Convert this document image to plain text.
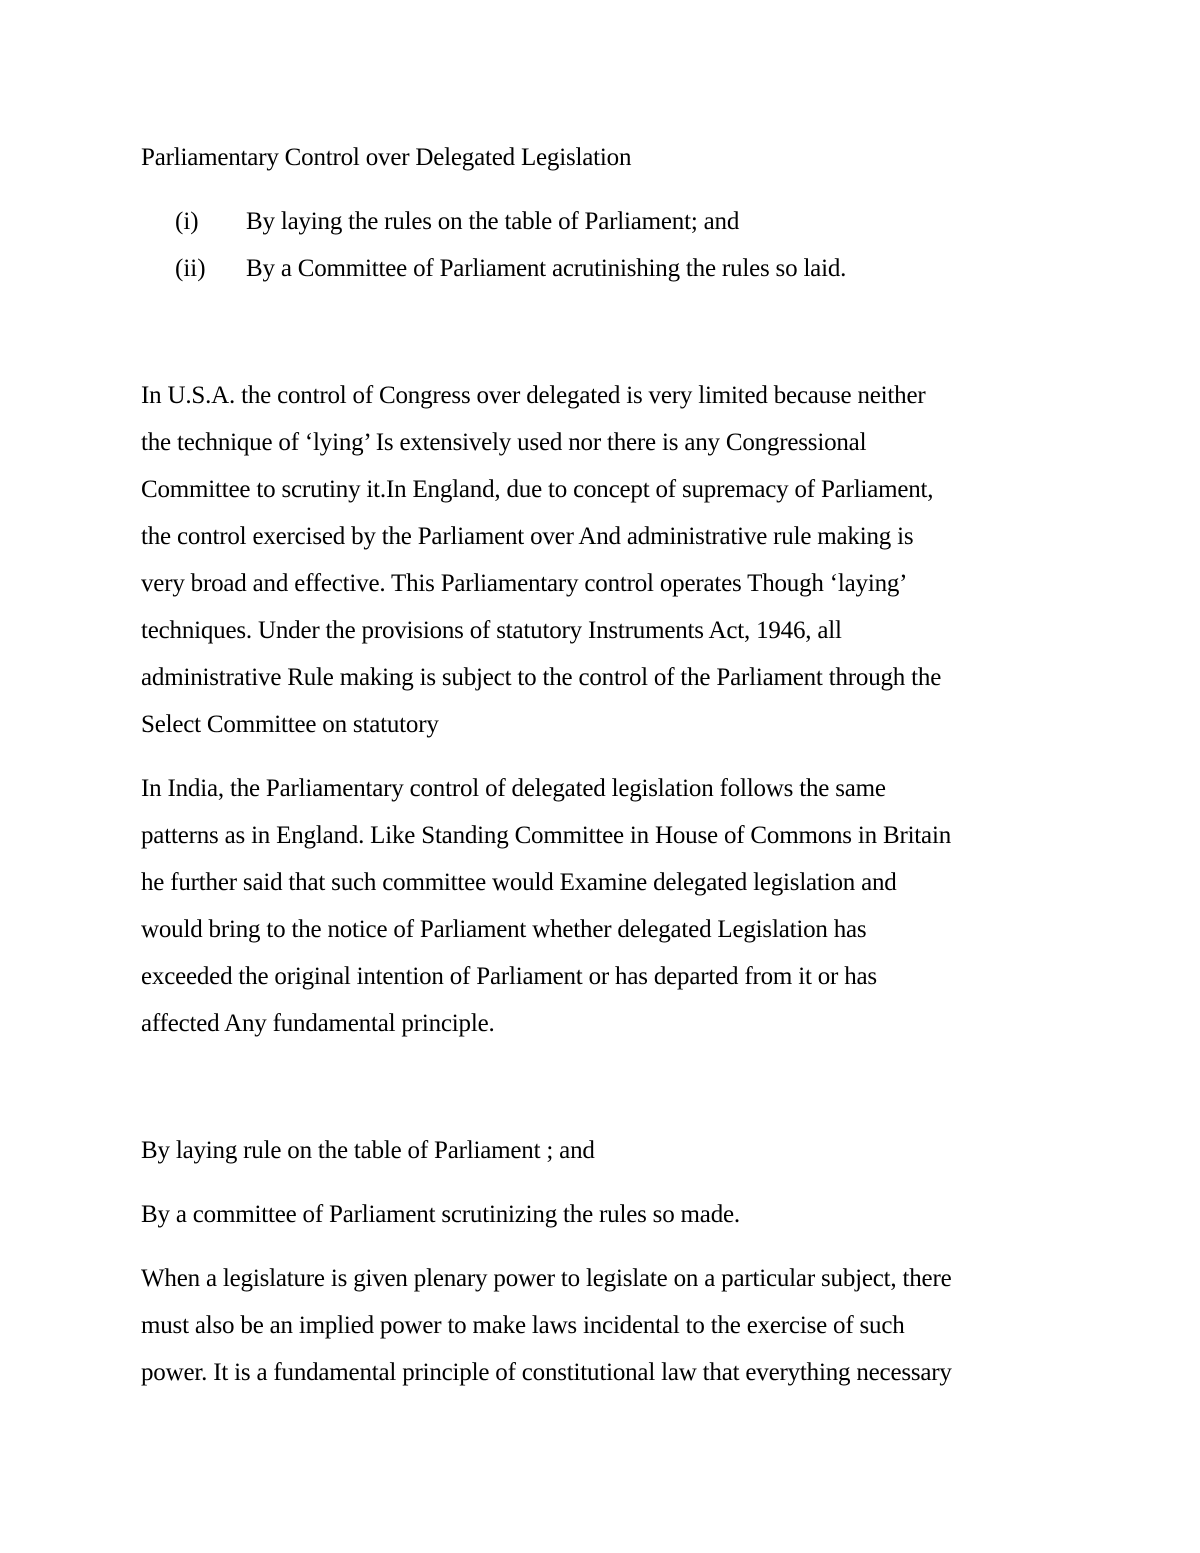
Parliamentary Control over Delegated Legislation
(i) By laying the rules on the table of Parliament; and
(ii) By a Committee of Parliament acrutinishing the rules so laid.
In U.S.A. the control of Congress over delegated is very limited because neither
the technique of ‘lying’ Is extensively used nor there is any Congressional
Committee to scrutiny it.In England, due to concept of supremacy of Parliament,
the control exercised by the Parliament over And administrative rule making is
very broad and effective. This Parliamentary control operates Though ‘laying’
techniques. Under the provisions of statutory Instruments Act, 1946, all
administrative Rule making is subject to the control of the Parliament through the
Select Committee on statutory
In India, the Parliamentary control of delegated legislation follows the same
patterns as in England. Like Standing Committee in House of Commons in Britain
he further said that such committee would Examine delegated legislation and
would bring to the notice of Parliament whether delegated Legislation has
exceeded the original intention of Parliament or has departed from it or has
affected Any fundamental principle.
By laying rule on the table of Parliament ; and
By a committee of Parliament scrutinizing the rules so made.
When a legislature is given plenary power to legislate on a particular subject, there
must also be an implied power to make laws incidental to the exercise of such
power. It is a fundamental principle of constitutional law that everything necessary
